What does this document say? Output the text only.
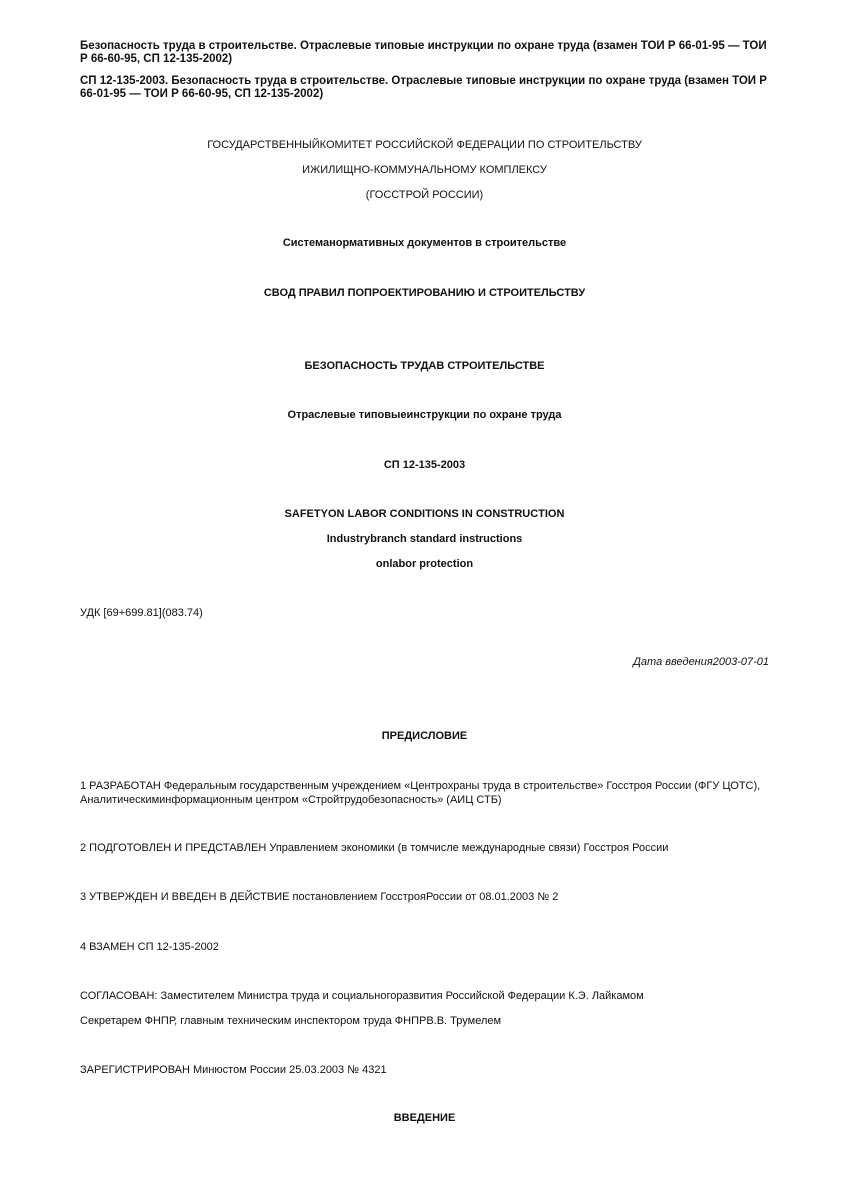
Безопасность труда в строительстве. Отраслевые типовые инструкции по охране труда (взамен ТОИ Р 66-01-95 — ТОИ Р 66-60-95, СП 12-135-2002)
СП 12-135-2003. Безопасность труда в строительстве. Отраслевые типовые инструкции по охране труда (взамен ТОИ Р 66-01-95 — ТОИ Р 66-60-95, СП 12-135-2002)
ГОСУДАРСТВЕННЫЙКОМИТЕТ РОССИЙСКОЙ ФЕДЕРАЦИИ ПО СТРОИТЕЛЬСТВУ
ИЖИЛИЩНО-КОММУНАЛЬНОМУ КОМПЛЕКСУ
(ГОССТРОЙ РОССИИ)
Системанормативных документов в строительстве
СВОД ПРАВИЛ ПОПРОЕКТИРОВАНИЮ И СТРОИТЕЛЬСТВУ
БЕЗОПАСНОСТЬ ТРУДАВ СТРОИТЕЛЬСТВЕ
Отраслевые типовыеинструкции по охране труда
СП 12-135-2003
SAFETYON LABOR CONDITIONS IN CONSTRUCTION
Industrybranch standard instructions
onlabor protection
УДК [69+699.81](083.74)
Дата введения2003-07-01
ПРЕДИСЛОВИЕ
1 РАЗРАБОТАН Федеральным государственным учреждением «Центрохраны труда в строительстве» Госстроя России (ФГУ ЦОТС), Аналитическиминформационным центром «Стройтрудобезопасность» (АИЦ СТБ)
2 ПОДГОТОВЛЕН И ПРЕДСТАВЛЕН Управлением экономики (в томчисле международные связи) Госстроя России
3 УТВЕРЖДЕН И ВВЕДЕН В ДЕЙСТВИЕ постановлением ГосстрояРоссии от 08.01.2003 № 2
4 ВЗАМЕН СП 12-135-2002
СОГЛАСОВАН: Заместителем Министра труда и социальногоразвития Российской Федерации К.Э. Лайкамом
Секретарем ФНПР, главным техническим инспектором труда ФНПРВ.В. Трумелем
ЗАРЕГИСТРИРОВАН Минюстом России 25.03.2003 № 4321
ВВЕДЕНИЕ
